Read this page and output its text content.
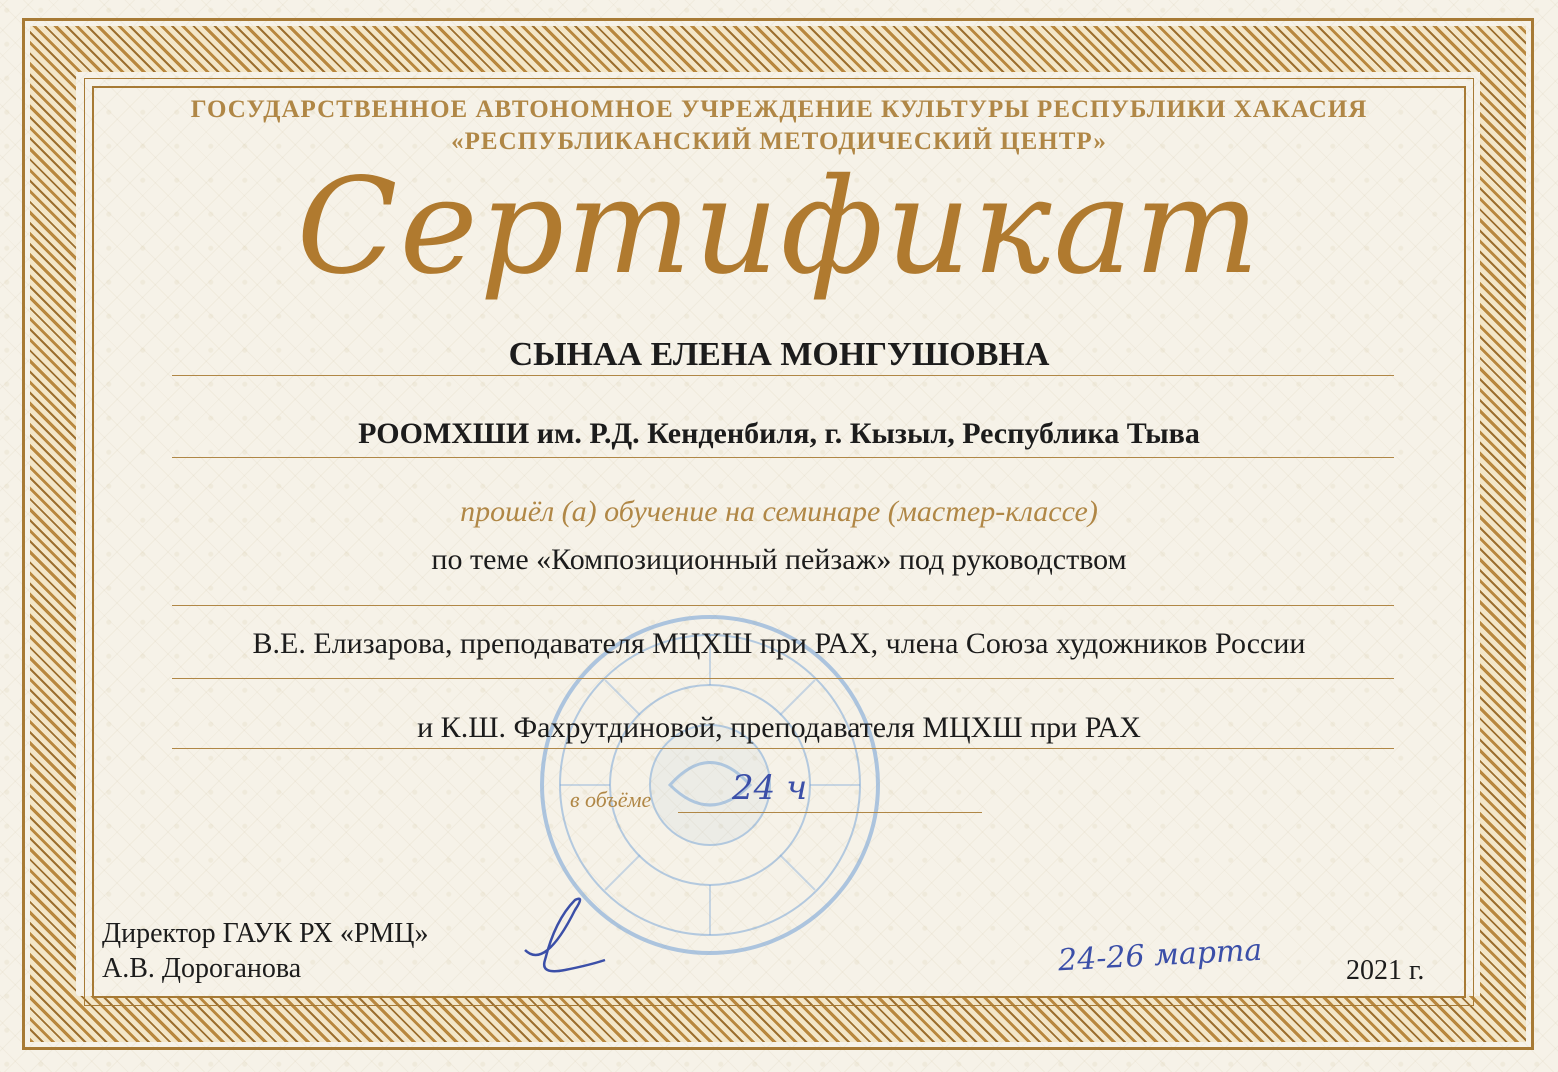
ГОСУДАРСТВЕННОЕ АВТОНОМНОЕ УЧРЕЖДЕНИЕ КУЛЬТУРЫ РЕСПУБЛИКИ ХАКАСИЯ
«РЕСПУБЛИКАНСКИЙ МЕТОДИЧЕСКИЙ ЦЕНТР»
Сертификат
СЫНАА ЕЛЕНА МОНГУШОВНА
РООМХШИ им. Р.Д. Кенденбиля, г. Кызыл, Республика Тыва
прошёл (а) обучение на семинаре (мастер-классе)
по теме «Композиционный пейзаж» под руководством
В.Е. Елизарова, преподавателя МЦХШ при РАХ, члена Союза художников России
и К.Ш. Фахрутдиновой, преподавателя МЦХШ при РАХ
в объёме 24 ч
Директор ГАУК РХ «РМЦ»
А.В. Дороганова	24-26 марта	2021 г.
